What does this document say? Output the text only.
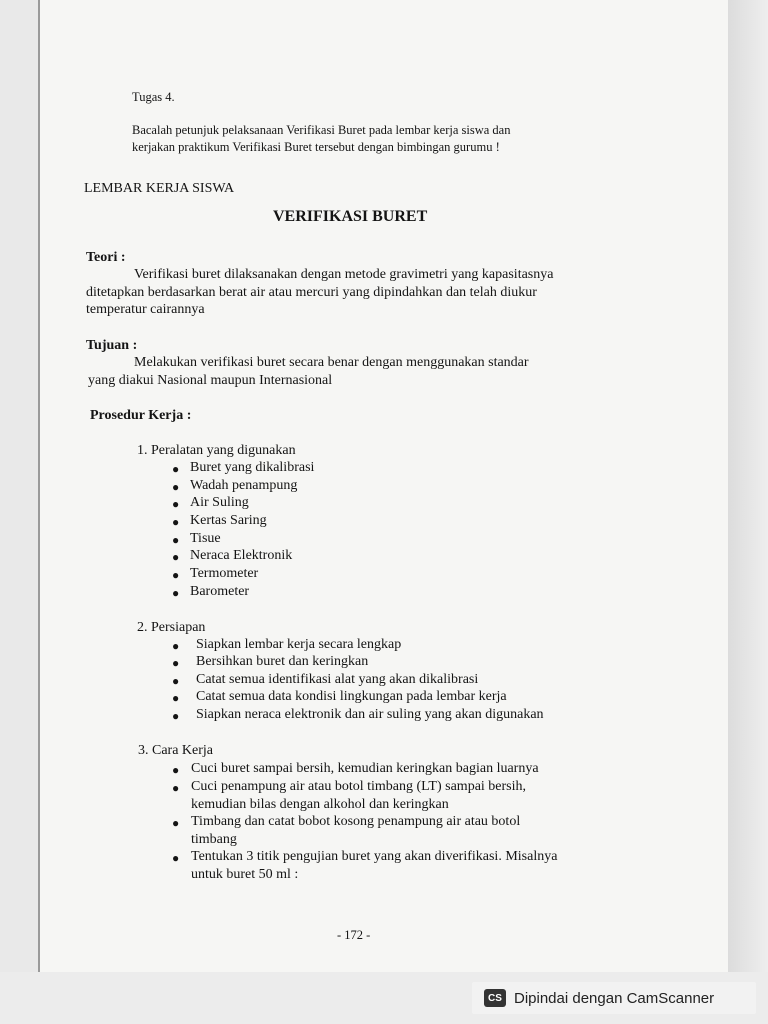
Tugas 4.
Bacalah petunjuk pelaksanaan Verifikasi Buret pada lembar kerja siswa dan
kerjakan praktikum Verifikasi Buret tersebut dengan bimbingan gurumu !
LEMBAR KERJA SISWA
VERIFIKASI BURET
Teori :
Verifikasi buret dilaksanakan dengan metode gravimetri yang kapasitasnya
ditetapkan berdasarkan berat air atau mercuri yang dipindahkan dan telah diukur
temperatur cairannya
Tujuan :
Melakukan verifikasi buret secara benar dengan menggunakan standar
yang diakui Nasional maupun Internasional
Prosedur Kerja :
1. Peralatan yang digunakan
● Buret yang dikalibrasi
● Wadah penampung
● Air Suling
● Kertas Saring
● Tisue
● Neraca Elektronik
● Termometer
● Barometer
2. Persiapan
● Siapkan lembar kerja secara lengkap
● Bersihkan buret dan keringkan
● Catat semua identifikasi alat yang akan dikalibrasi
● Catat semua data kondisi lingkungan pada lembar kerja
● Siapkan neraca elektronik dan air suling yang akan digunakan
3. Cara Kerja
● Cuci buret sampai bersih, kemudian keringkan bagian luarnya
● Cuci penampung air atau botol timbang (LT) sampai bersih,
kemudian bilas dengan alkohol dan keringkan
● Timbang dan catat bobot kosong penampung air atau botol
timbang
● Tentukan 3 titik pengujian buret yang akan diverifikasi. Misalnya
untuk buret 50 ml :
- 172 -
CS Dipindai dengan CamScanner
